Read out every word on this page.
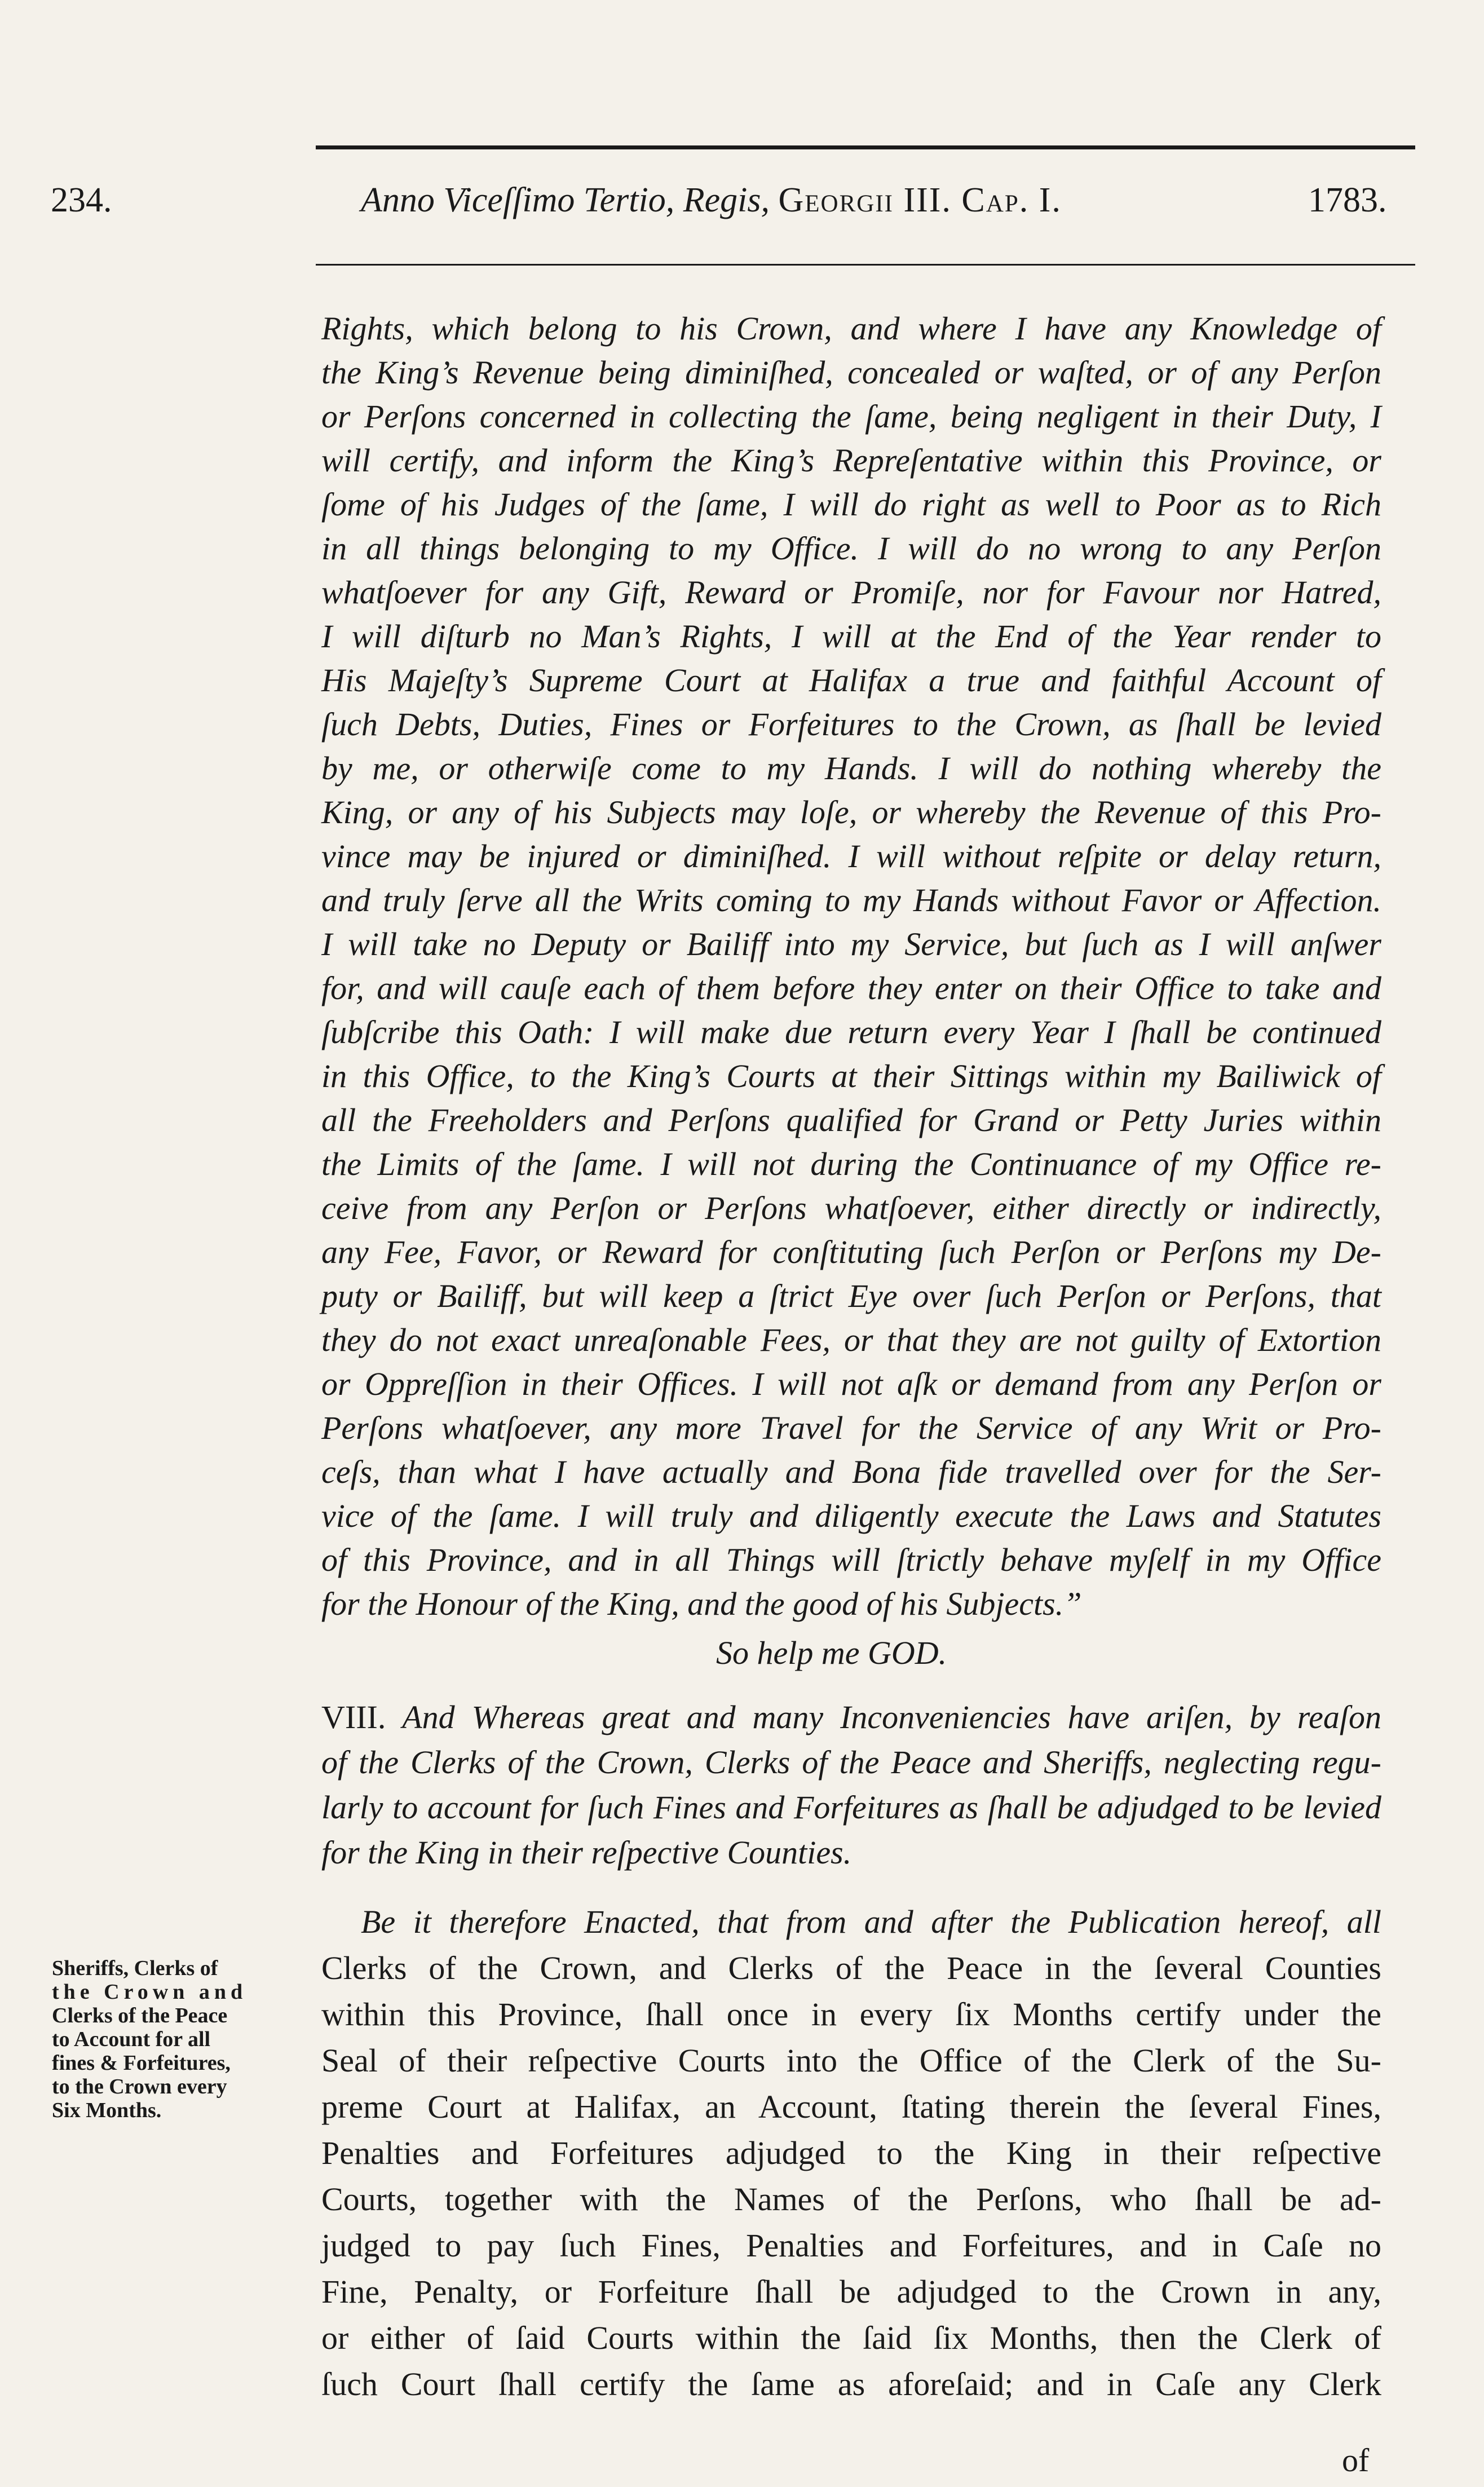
234.	Anno Viceſſimo Tertio, Regis, Georgii III. Cap. I.	1783.
Rights, which belong to his Crown, and where I have any Knowledge of
the King’s Revenue being diminiſhed, concealed or waſted, or of any Perſon
or Perſons concerned in collecting the ſame, being negligent in their Duty, I
will certify, and inform the King’s Repreſentative within this Province, or
ſome of his Judges of the ſame, I will do right as well to Poor as to Rich
in all things belonging to my Office. I will do no wrong to any Perſon
whatſoever for any Gift, Reward or Promiſe, nor for Favour nor Hatred,
I will diſturb no Man’s Rights, I will at the End of the Year render to
His Majeſty’s Supreme Court at Halifax a true and faithful Account of
ſuch Debts, Duties, Fines or Forfeitures to the Crown, as ſhall be levied
by me, or otherwiſe come to my Hands. I will do nothing whereby the
King, or any of his Subjects may loſe, or whereby the Revenue of this Pro-
vince may be injured or diminiſhed. I will without reſpite or delay return,
and truly ſerve all the Writs coming to my Hands without Favor or Affection.
I will take no Deputy or Bailiff into my Service, but ſuch as I will anſwer
for, and will cauſe each of them before they enter on their Office to take and
ſubſcribe this Oath: I will make due return every Year I ſhall be continued
in this Office, to the King’s Courts at their Sittings within my Bailiwick of
all the Freeholders and Perſons qualified for Grand or Petty Juries within
the Limits of the ſame. I will not during the Continuance of my Office re-
ceive from any Perſon or Perſons whatſoever, either directly or indirectly,
any Fee, Favor, or Reward for conſtituting ſuch Perſon or Perſons my De-
puty or Bailiff, but will keep a ſtrict Eye over ſuch Perſon or Perſons, that
they do not exact unreaſonable Fees, or that they are not guilty of Extortion
or Oppreſſion in their Offices. I will not aſk or demand from any Perſon or
Perſons whatſoever, any more Travel for the Service of any Writ or Pro-
ceſs, than what I have actually and Bona fide travelled over for the Ser-
vice of the ſame. I will truly and diligently execute the Laws and Statutes
of this Province, and in all Things will ſtrictly behave myſelf in my Office
for the Honour of the King, and the good of his Subjects.”
So help me GOD.
VIII. And Whereas great and many Inconveniencies have ariſen, by reaſon
of the Clerks of the Crown, Clerks of the Peace and Sheriffs, neglecting regu-
larly to account for ſuch Fines and Forfeitures as ſhall be adjudged to be levied
for the King in their reſpective Counties.
Be it therefore Enacted, that from and after the Publication hereof, all
Clerks of the Crown, and Clerks of the Peace in the ſeveral Counties
within this Province, ſhall once in every ſix Months certify under the
Seal of their reſpective Courts into the Office of the Clerk of the Su-
preme Court at Halifax, an Account, ſtating therein the ſeveral Fines,
Penalties and Forfeitures adjudged to the King in their reſpective
Courts, together with the Names of the Perſons, who ſhall be ad-
judged to pay ſuch Fines, Penalties and Forfeitures, and in Caſe no
Fine, Penalty, or Forfeiture ſhall be adjudged to the Crown in any,
or either of ſaid Courts within the ſaid ſix Months, then the Clerk of
ſuch Court ſhall certify the ſame as aforeſaid; and in Caſe any Clerk
Sheriffs, Clerks of
the Crown and
Clerks of the Peace
to Account for all
fines & Forfeitures,
to the Crown every
Six Months.
of
